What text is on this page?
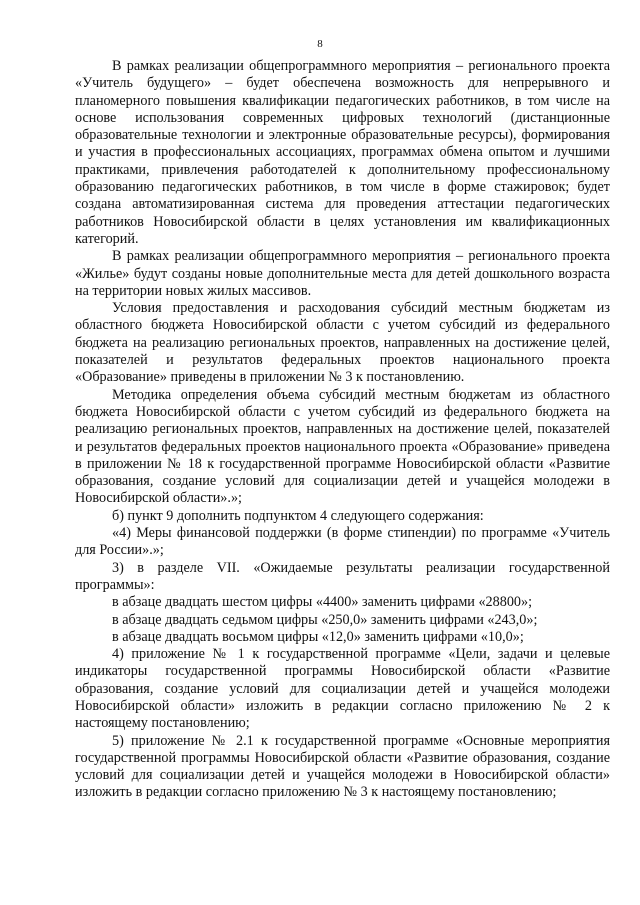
8

В рамках реализации общепрограммного мероприятия – регионального проекта «Учитель будущего» – будет обеспечена возможность для непрерывного и планомерного повышения квалификации педагогических работников, в том числе на основе использования современных цифровых технологий (дистанционные образовательные технологии и электронные образовательные ресурсы), формирования и участия в профессиональных ассоциациях, программах обмена опытом и лучшими практиками, привлечения работодателей к дополнительному профессиональному образованию педагогических работников, в том числе в форме стажировок; будет создана автоматизированная система для проведения аттестации педагогических работников Новосибирской области в целях установления им квалификационных категорий.

В рамках реализации общепрограммного мероприятия – регионального проекта «Жилье» будут созданы новые дополнительные места для детей дошкольного возраста на территории новых жилых массивов.

Условия предоставления и расходования субсидий местным бюджетам из областного бюджета Новосибирской области с учетом субсидий из федерального бюджета на реализацию региональных проектов, направленных на достижение целей, показателей и результатов федеральных проектов национального проекта «Образование» приведены в приложении № 3 к постановлению.

Методика определения объема субсидий местным бюджетам из областного бюджета Новосибирской области с учетом субсидий из федерального бюджета на реализацию региональных проектов, направленных на достижение целей, показателей и результатов федеральных проектов национального проекта «Образование» приведена в приложении № 18 к государственной программе Новосибирской области «Развитие образования, создание условий для социализации детей и учащейся молодежи в Новосибирской области».»;

б) пункт 9 дополнить подпунктом 4 следующего содержания:

«4) Меры финансовой поддержки (в форме стипендии) по программе «Учитель для России».»;

3) в разделе VII. «Ожидаемые результаты реализации государственной программы»:

в абзаце двадцать шестом цифры «4400» заменить цифрами «28800»;

в абзаце двадцать седьмом цифры «250,0» заменить цифрами «243,0»;

в абзаце двадцать восьмом цифры «12,0» заменить цифрами «10,0»;

4) приложение № 1 к государственной программе «Цели, задачи и целевые индикаторы государственной программы Новосибирской области «Развитие образования, создание условий для социализации детей и учащейся молодежи Новосибирской области» изложить в редакции согласно приложению № 2 к настоящему постановлению;

5) приложение № 2.1 к государственной программе «Основные мероприятия государственной программы Новосибирской области «Развитие образования, создание условий для социализации детей и учащейся молодежи в Новосибирской области» изложить в редакции согласно приложению № 3 к настоящему постановлению;
